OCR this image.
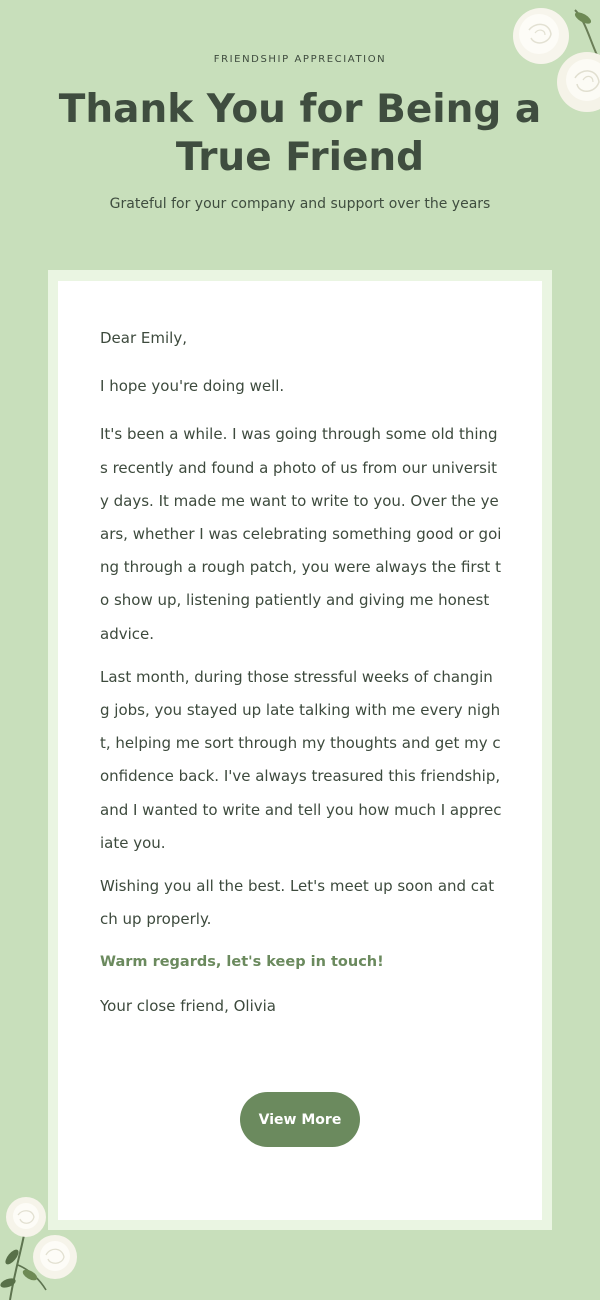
FRIENDSHIP APPRECIATION
Thank You for Being a True Friend
Grateful for your company and support over the years

Dear Emily,

I hope you're doing well.

It's been a while. I was going through some old things recently and found a photo of us from our university days. It made me want to write to you. Over the years, whether I was celebrating something good or going through a rough patch, you were always the first to show up, listening patiently and giving me honest advice.

Last month, during those stressful weeks of changing jobs, you stayed up late talking with me every night, helping me sort through my thoughts and get my confidence back. I've always treasured this friendship, and I wanted to write and tell you how much I appreciate you.

Wishing you all the best. Let's meet up soon and catch up properly.

Warm regards, let's keep in touch!

Your close friend, Olivia

View More
